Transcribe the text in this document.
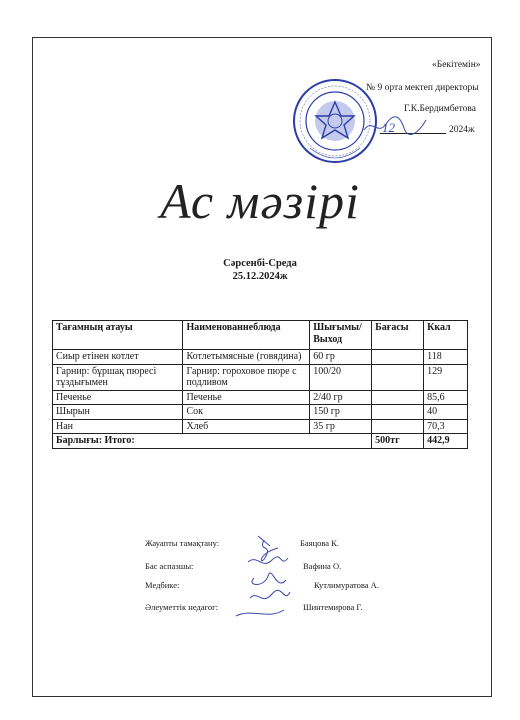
«Бекітемін»
№ 9 орта мектеп директоры
Г.К.Бердимбетова
2024ж
12
Ас мәзірі
Сәрсенбі-Среда
25.12.2024ж
Тағамның атауы	Наименованнеблюда	Шығымы/ Выход	Бағасы	Ккал
Сиыр етінен котлет	Котлетымясные (говядина)	60 гр		118
Гарнир: бұршақ пюресі тұздығымен	Гарнир: гороховое пюре с подливом	100/20		129
Печенье	Печенье	2/40 гр		85,6
Шырын	Сок	150 гр		40
Нан	Хлеб	35 гр		70,3
Барлығы: Итого:			500тг	442,9
Жауапты тамақтану:	Баяцова К.
Бас аспазшы:	Вафина О.
Медбике:	Кутлимуратова А.
Әлеуметтік недагог:	Шинтемирова Г.
